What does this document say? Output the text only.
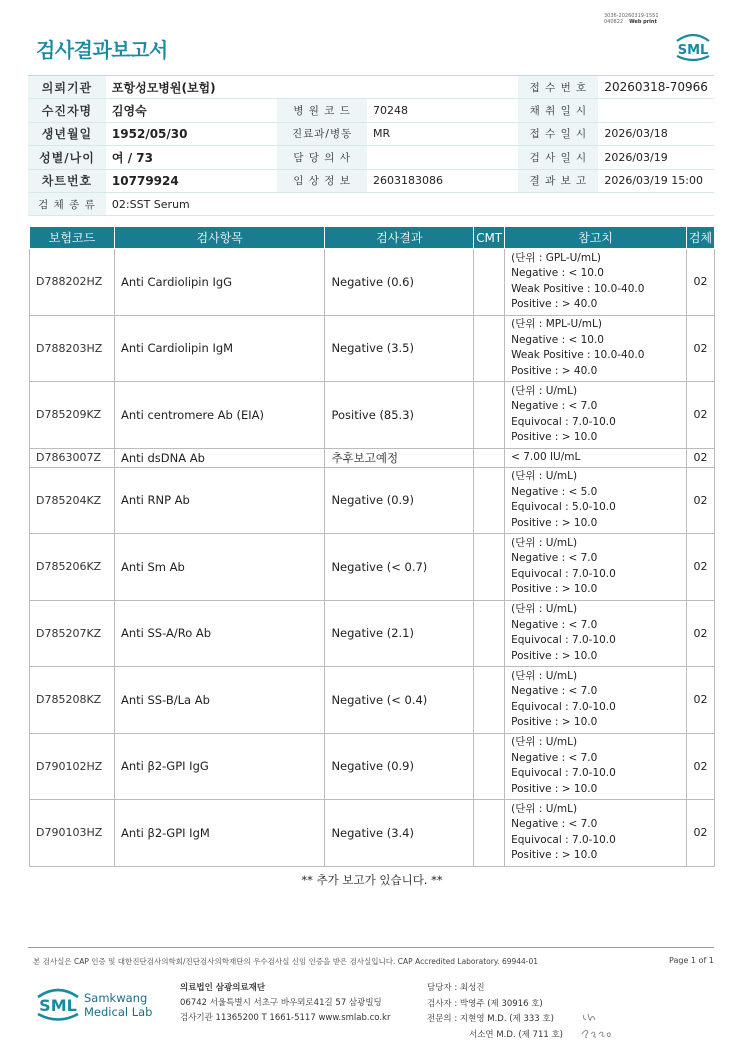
3036-20260319-1551
040822 Web print
검사결과보고서	SML
의뢰기관	포항성모병원(보험)			접 수 번 호	20260318-70966
수진자명	김영숙	병 원 코 드	70248	채 취 일 시	
생년월일	1952/05/30	진료과/병동	MR	접 수 일 시	2026/03/18
성별/나이	여 / 73	담 당 의 사		검 사 일 시	2026/03/19
차트번호	10779924	임 상 정 보	2603183086	결 과 보 고	2026/03/19 15:00
검 체 종 류	02:SST Serum				
보험코드	검사항목	검사결과	CMT	참고치	검체
D788202HZ	Anti Cardiolipin IgG	Negative (0.6)		(단위 : GPL-U/mL)
Negative : < 10.0
Weak Positive : 10.0-40.0
Positive : > 40.0	02
D788203HZ	Anti Cardiolipin IgM	Negative (3.5)		(단위 : MPL-U/mL)
Negative : < 10.0
Weak Positive : 10.0-40.0
Positive : > 40.0	02
D785209KZ	Anti centromere Ab (EIA)	Positive (85.3)		(단위 : U/mL)
Negative : < 7.0
Equivocal : 7.0-10.0
Positive : > 10.0	02
D7863007Z	Anti dsDNA Ab	추후보고예정		< 7.00 IU/mL	02
D785204KZ	Anti RNP Ab	Negative (0.9)		(단위 : U/mL)
Negative : < 5.0
Equivocal : 5.0-10.0
Positive : > 10.0	02
D785206KZ	Anti Sm Ab	Negative (< 0.7)		(단위 : U/mL)
Negative : < 7.0
Equivocal : 7.0-10.0
Positive : > 10.0	02
D785207KZ	Anti SS-A/Ro Ab	Negative (2.1)		(단위 : U/mL)
Negative : < 7.0
Equivocal : 7.0-10.0
Positive : > 10.0	02
D785208KZ	Anti SS-B/La Ab	Negative (< 0.4)		(단위 : U/mL)
Negative : < 7.0
Equivocal : 7.0-10.0
Positive : > 10.0	02
D790102HZ	Anti β2-GPI IgG	Negative (0.9)		(단위 : U/mL)
Negative : < 7.0
Equivocal : 7.0-10.0
Positive : > 10.0	02
D790103HZ	Anti β2-GPI IgM	Negative (3.4)		(단위 : U/mL)
Negative : < 7.0
Equivocal : 7.0-10.0
Positive : > 10.0	02
** 추가 보고가 있습니다. **
본 검사실은 CAP 인증 및 대한진단검사의학회/진단검사의학재단의 우수검사실 신임 인증을 받은 검사실입니다. CAP Accredited Laboratory. 69944-01	Page 1 of 1
SML Samkwang
Medical Lab
의료법인 삼광의료재단
06742 서울특별시 서초구 바우뫼로41길 57 삼광빌딩
검사기관 11365200 T 1661-5117 www.smlab.co.kr
담당자 : 최성진
검사자 : 박영주 (제 30916 호)
전문의 : 지현영 M.D. (제 333 호)
서소연 M.D. (제 711 호)
